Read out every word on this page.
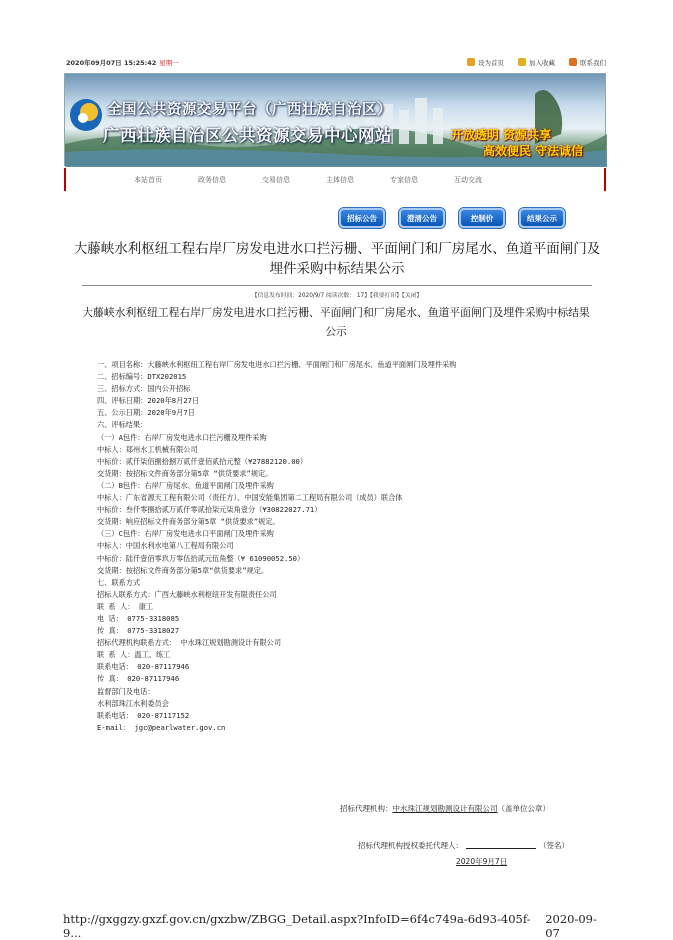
2020年09月07日 15:25:42 星期一	设为首页	加入收藏	联系我们
全国公共资源交易平台（广西壮族自治区）
广西壮族自治区公共资源交易中心网站	开放透明 资源共享
高效便民 守法诚信
本站首页	政务信息	交易信息	主体信息	专家信息	互动交流
招标公告	澄清公告	控制价	结果公示
大藤峡水利枢纽工程右岸厂房发电进水口拦污栅、平面闸门和厂房尾水、鱼道平面闸门及埋件采购中标结果公示
【信息发布时间：2020/9/7 阅读次数： 17】【我要打印】【关闭】
大藤峡水利枢纽工程右岸厂房发电进水口拦污栅、平面闸门和厂房尾水、鱼道平面闸门及埋件采购中标结果公示
一、项目名称：大藤峡水利枢纽工程右岸厂房发电进水口拦污栅、平面闸门和厂房尾水、鱼道平面闸门及埋件采购
二、招标编号：DTX202015
三、招标方式：国内公开招标
四、评标日期：2020年8月27日
五、公示日期：2020年9月7日
六、评标结果：
（一）A包件：右岸厂房发电进水口拦污栅及埋件采购
中标人：郑州水工机械有限公司
中标价：贰仟柒佰捌拾捌万贰仟壹佰贰拾元整（¥27882120.00）
交货期：按招标文件商务部分第5章 “供货要求”规定。
（二）B包件：右岸厂房尾水、鱼道平面闸门及埋件采购
中标人：广东省源天工程有限公司（责任方）、中国安能集团第二工程局有限公司（成员）联合体
中标价：叁仟零捌拾贰万贰仟零贰拾柒元柒角壹分（¥30822027.71）
交货期：响应招标文件商务部分第5章 “供货要求”规定。
（三）C包件：右岸厂房发电进水口平面闸门及埋件采购
中标人：中国水利水电第八工程局有限公司
中标价：陆仟壹佰零玖万零伍拾贰元伍角整（¥ 61090052.50）
交货期：按招标文件商务部分第5章“供货要求”规定。
七、联系方式
招标人联系方式：广西大藤峡水利枢纽开发有限责任公司
联 系 人： 康工
电 话： 0775-3318085
传 真： 0775-3318027
招标代理机构联系方式： 中水珠江规划勘测设计有限公司
联 系 人：温工、练工
联系电话： 020-87117946
传 真： 020-87117946
监督部门及电话：
水利部珠江水利委员会
联系电话： 020-87117152
E-mail： jgc@pearlwater.gov.cn
招标代理机构：中水珠江规划勘测设计有限公司（盖单位公章）
招标代理机构授权委托代理人：	（签名）
2020年9月7日
http://gxggzy.gxzf.gov.cn/gxzbw/ZBGG_Detail.aspx?InfoID=6f4c749a-6d93-405f-9...
2020-09-07
